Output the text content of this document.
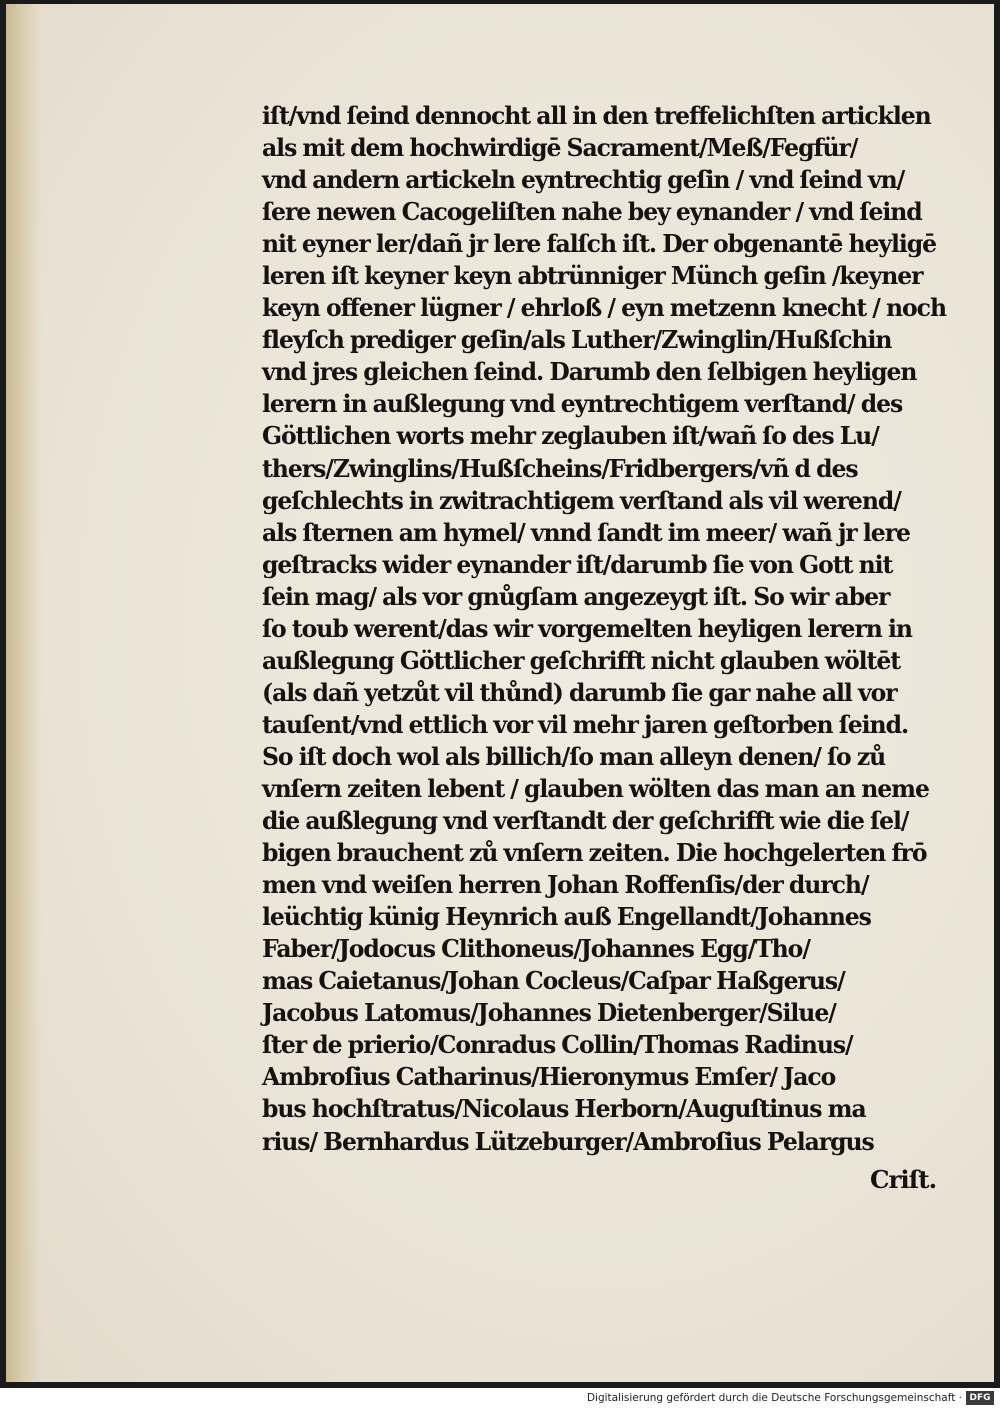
iſt/vnd ſeind dennocht all in den treffelichſten articklen
als mit dem hochwirdigē Sacrament/Meß/Fegfür/
vnd andern artickeln eyntrechtig geſin / vnd ſeind vn/
ſere newen Cacogeliſten nahe bey eynander / vnd ſeind
nit eyner ler/dañ jr lere falſch iſt. Der obgenantē heyligē
leren iſt keyner keyn abtrünniger Münch geſin /keyner
keyn offener lügner / ehrloß / eyn metzenn knecht / noch
fleyſch prediger geſin/als Luther/Zwinglin/Hußſchin
vnd jres gleichen ſeind. Darumb den ſelbigen heyligen
lerern in außlegung vnd eyntrechtigem verſtand/ des
Göttlichen worts mehr zeglauben iſt/wañ ſo des Lu/
thers/Zwinglins/Hußſcheins/Fridbergers/vñ d des
geſchlechts in zwitrachtigem verſtand als vil werend/
als ſternen am hymel/ vnnd ſandt im meer/ wañ jr lere
geſtracks wider eynander iſt/darumb ſie von Gott nit
ſein mag/ als vor gnůgſam angezeygt iſt. So wir aber
ſo toub werent/das wir vorgemelten heyligen lerern in
außlegung Göttlicher geſchrifft nicht glauben wöltēt
(als dañ yetzůt vil thůnd) darumb ſie gar nahe all vor
tauſent/vnd ettlich vor vil mehr jaren geſtorben ſeind.
So iſt doch wol als billich/ſo man alleyn denen/ ſo zů
vnſern zeiten lebent / glauben wölten das man an neme
die außlegung vnd verſtandt der geſchrifft wie die ſel/
bigen brauchent zů vnſern zeiten. Die hochgelerten frō
men vnd weiſen herren Johan Roffenſis/der durch/
leüchtig künig Heynrich auß Engellandt/Johannes
Faber/Jodocus Clithoneus/Johannes Egg/Tho/
mas Caietanus/Johan Cocleus/Caſpar Haßgerus/
Jacobus Latomus/Johannes Dietenberger/Silue/
ſter de prierio/Conradus Collin/Thomas Radinus/
Ambroſius Catharinus/Hieronymus Emſer/ Jaco
bus hochſtratus/Nicolaus Herborn/Auguſtinus ma
rius/ Bernhardus Lützeburger/Ambroſius Pelargus
Criſt.
Digitalisierung gefördert durch die Deutsche Forschungsgemeinschaft · DFG
